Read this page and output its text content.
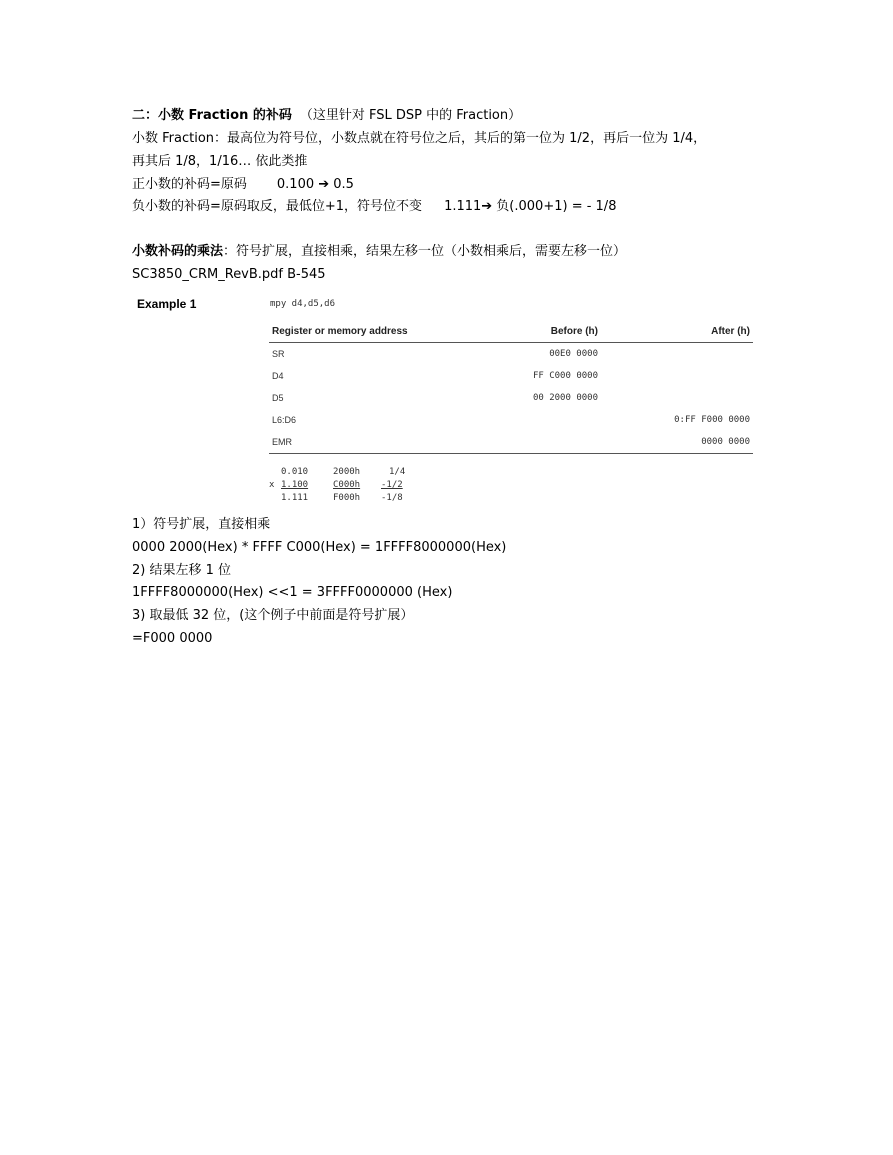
二：小数 Fraction 的补码 （这里针对 FSL DSP 中的 Fraction）
小数 Fraction：最高位为符号位，小数点就在符号位之后，其后的第一位为 1/2，再后一位为 1/4，
再其后 1/8，1/16… 依此类推
正小数的补码=原码 0.100 ➔ 0.5
负小数的补码=原码取反，最低位+1，符号位不变 1.111➔ 负(.000+1) = - 1/8
小数补码的乘法：符号扩展，直接相乘，结果左移一位（小数相乘后，需要左移一位）
SC3850_CRM_RevB.pdf B-545
Example 1	mpy d4,d5,d6
Register or memory address	Before (h)	After (h)
SR	00E0 0000	
D4	FF C000 0000	
D5	00 2000 0000	
L6:D6		0:FF F000 0000
EMR		0000 0000
0.010	2000h	1/4
x 1.100	C000h -1/2
1.111	F000h -1/8
1）符号扩展，直接相乘
0000 2000(Hex) * FFFF C000(Hex) = 1FFFF8000000(Hex)
2) 结果左移 1 位
1FFFF8000000(Hex) <<1 = 3FFFF0000000 (Hex)
3) 取最低 32 位，(这个例子中前面是符号扩展）
=F000 0000
